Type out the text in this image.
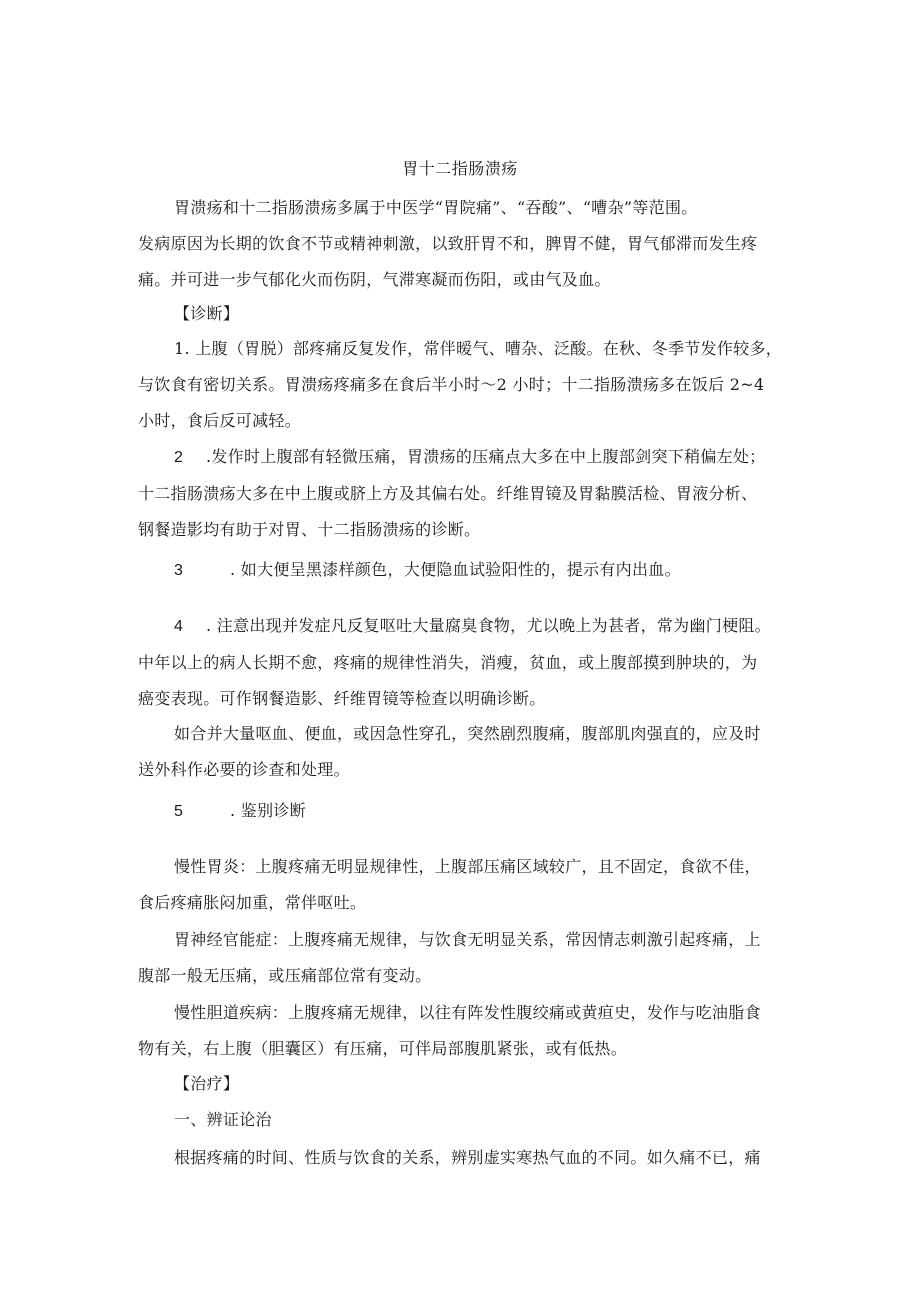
胃十二指肠溃疡

胃溃疡和十二指肠溃疡多属于中医学“胃院痛”、“吞酸”、“嘈杂”等范围。
发病原因为长期的饮食不节或精神刺激，以致肝胃不和，脾胃不健，胃气郁滞而发生疼
痛。并可进一步气郁化火而伤阴，气滞寒凝而伤阳，或由气及血。

【诊断】

1. 上腹（胃脱）部疼痛反复发作，常伴暧气、嘈杂、泛酸。在秋、冬季节发作较多，
与饮食有密切关系。胃溃疡疼痛多在食后半小时～2 小时；十二指肠溃疡多在饭后 2~4
小时，食后反可减轻。

2 .发作时上腹部有轻微压痛，胃溃疡的压痛点大多在中上腹部剑突下稍偏左处；
十二指肠溃疡大多在中上腹或脐上方及其偏右处。纤维胃镜及胃黏膜活检、胃液分析、
钢餐造影均有助于对胃、十二指肠溃疡的诊断。

3	. 如大便呈黑漆样颜色，大便隐血试验阳性的，提示有内出血。

4 . 注意出现并发症凡反复呕吐大量腐臭食物，尤以晚上为甚者，常为幽门梗阻。
中年以上的病人长期不愈，疼痛的规律性消失，消瘦，贫血，或上腹部摸到肿块的，为
癌变表现。可作钢餐造影、纤维胃镜等检查以明确诊断。

如合并大量呕血、便血，或因急性穿孔，突然剧烈腹痛，腹部肌肉强直的，应及时
送外科作必要的诊查和处理。

5	. 鉴别诊断

慢性胃炎：上腹疼痛无明显规律性，上腹部压痛区域较广，且不固定，食欲不佳，
食后疼痛胀闷加重，常伴呕吐。

胃神经官能症：上腹疼痛无规律，与饮食无明显关系，常因情志刺激引起疼痛，上
腹部一般无压痛，或压痛部位常有变动。

慢性胆道疾病：上腹疼痛无规律，以往有阵发性腹绞痛或黄疸史，发作与吃油脂食
物有关，右上腹（胆囊区）有压痛，可伴局部腹肌紧张，或有低热。

【治疗】

一、辨证论治

根据疼痛的时间、性质与饮食的关系，辨别虚实寒热气血的不同。如久痛不已，痛
